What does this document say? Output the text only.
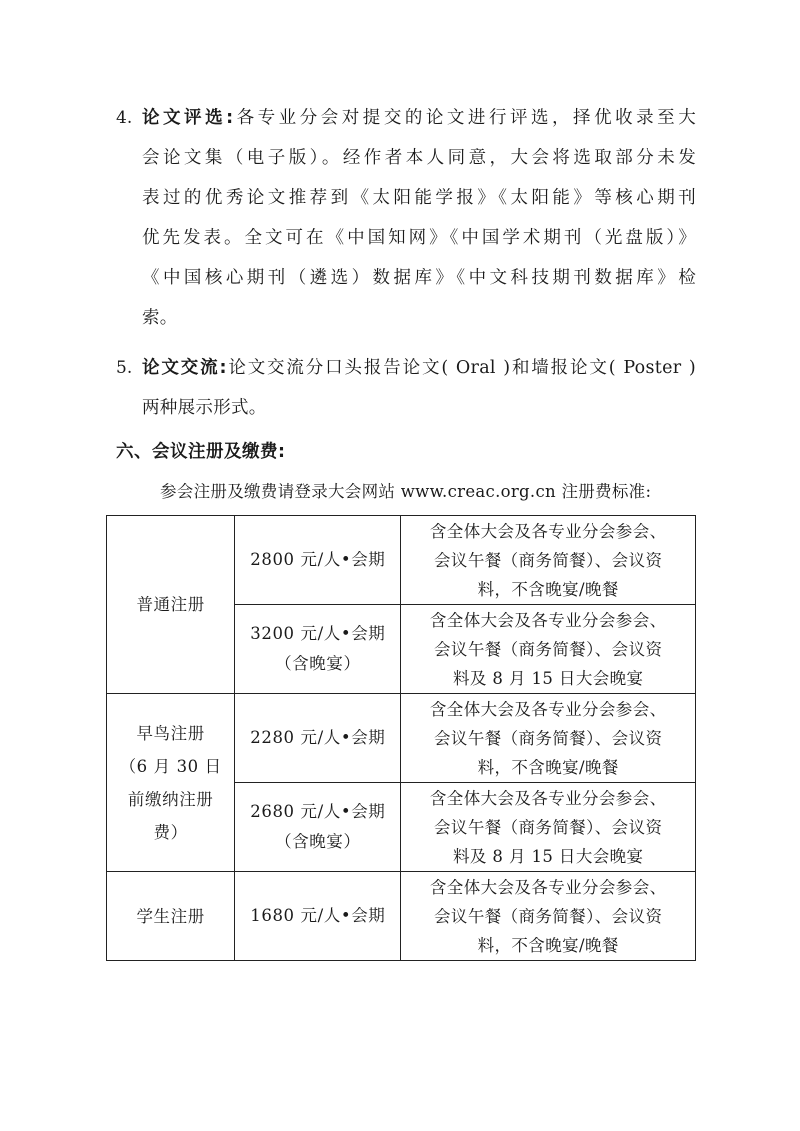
4. 论文评选:各专业分会对提交的论文进行评选，择优收录至大
会论文集（电子版）。经作者本人同意，大会将选取部分未发
表过的优秀论文推荐到《太阳能学报》《太阳能》等核心期刊
优先发表。全文可在《中国知网》《中国学术期刊（光盘版）》
《中国核心期刊（遴选）数据库》《中文科技期刊数据库》检
索。
5. 论文交流:论文交流分口头报告论文( Oral )和墙报论文( Poster )
两种展示形式。
六、会议注册及缴费:
参会注册及缴费请登录大会网站 www.creac.org.cn 注册费标准:
普通注册	2800 元/人•会期	含全体大会及各专业分会参会、
会议午餐（商务简餐）、会议资
料，不含晚宴/晚餐

	3200 元/人•会期
（含晚宴）	含全体大会及各专业分会参会、
会议午餐（商务简餐）、会议资
料及 8 月 15 日大会晚宴

早鸟注册
（6 月 30 日
前缴纳注册
费）	2280 元/人•会期	含全体大会及各专业分会参会、
会议午餐（商务简餐）、会议资
料，不含晚宴/晚餐

	2680 元/人•会期
（含晚宴）	含全体大会及各专业分会参会、
会议午餐（商务简餐）、会议资
料及 8 月 15 日大会晚宴

学生注册	1680 元/人•会期	含全体大会及各专业分会参会、
会议午餐（商务简餐）、会议资
料，不含晚宴/晚餐
